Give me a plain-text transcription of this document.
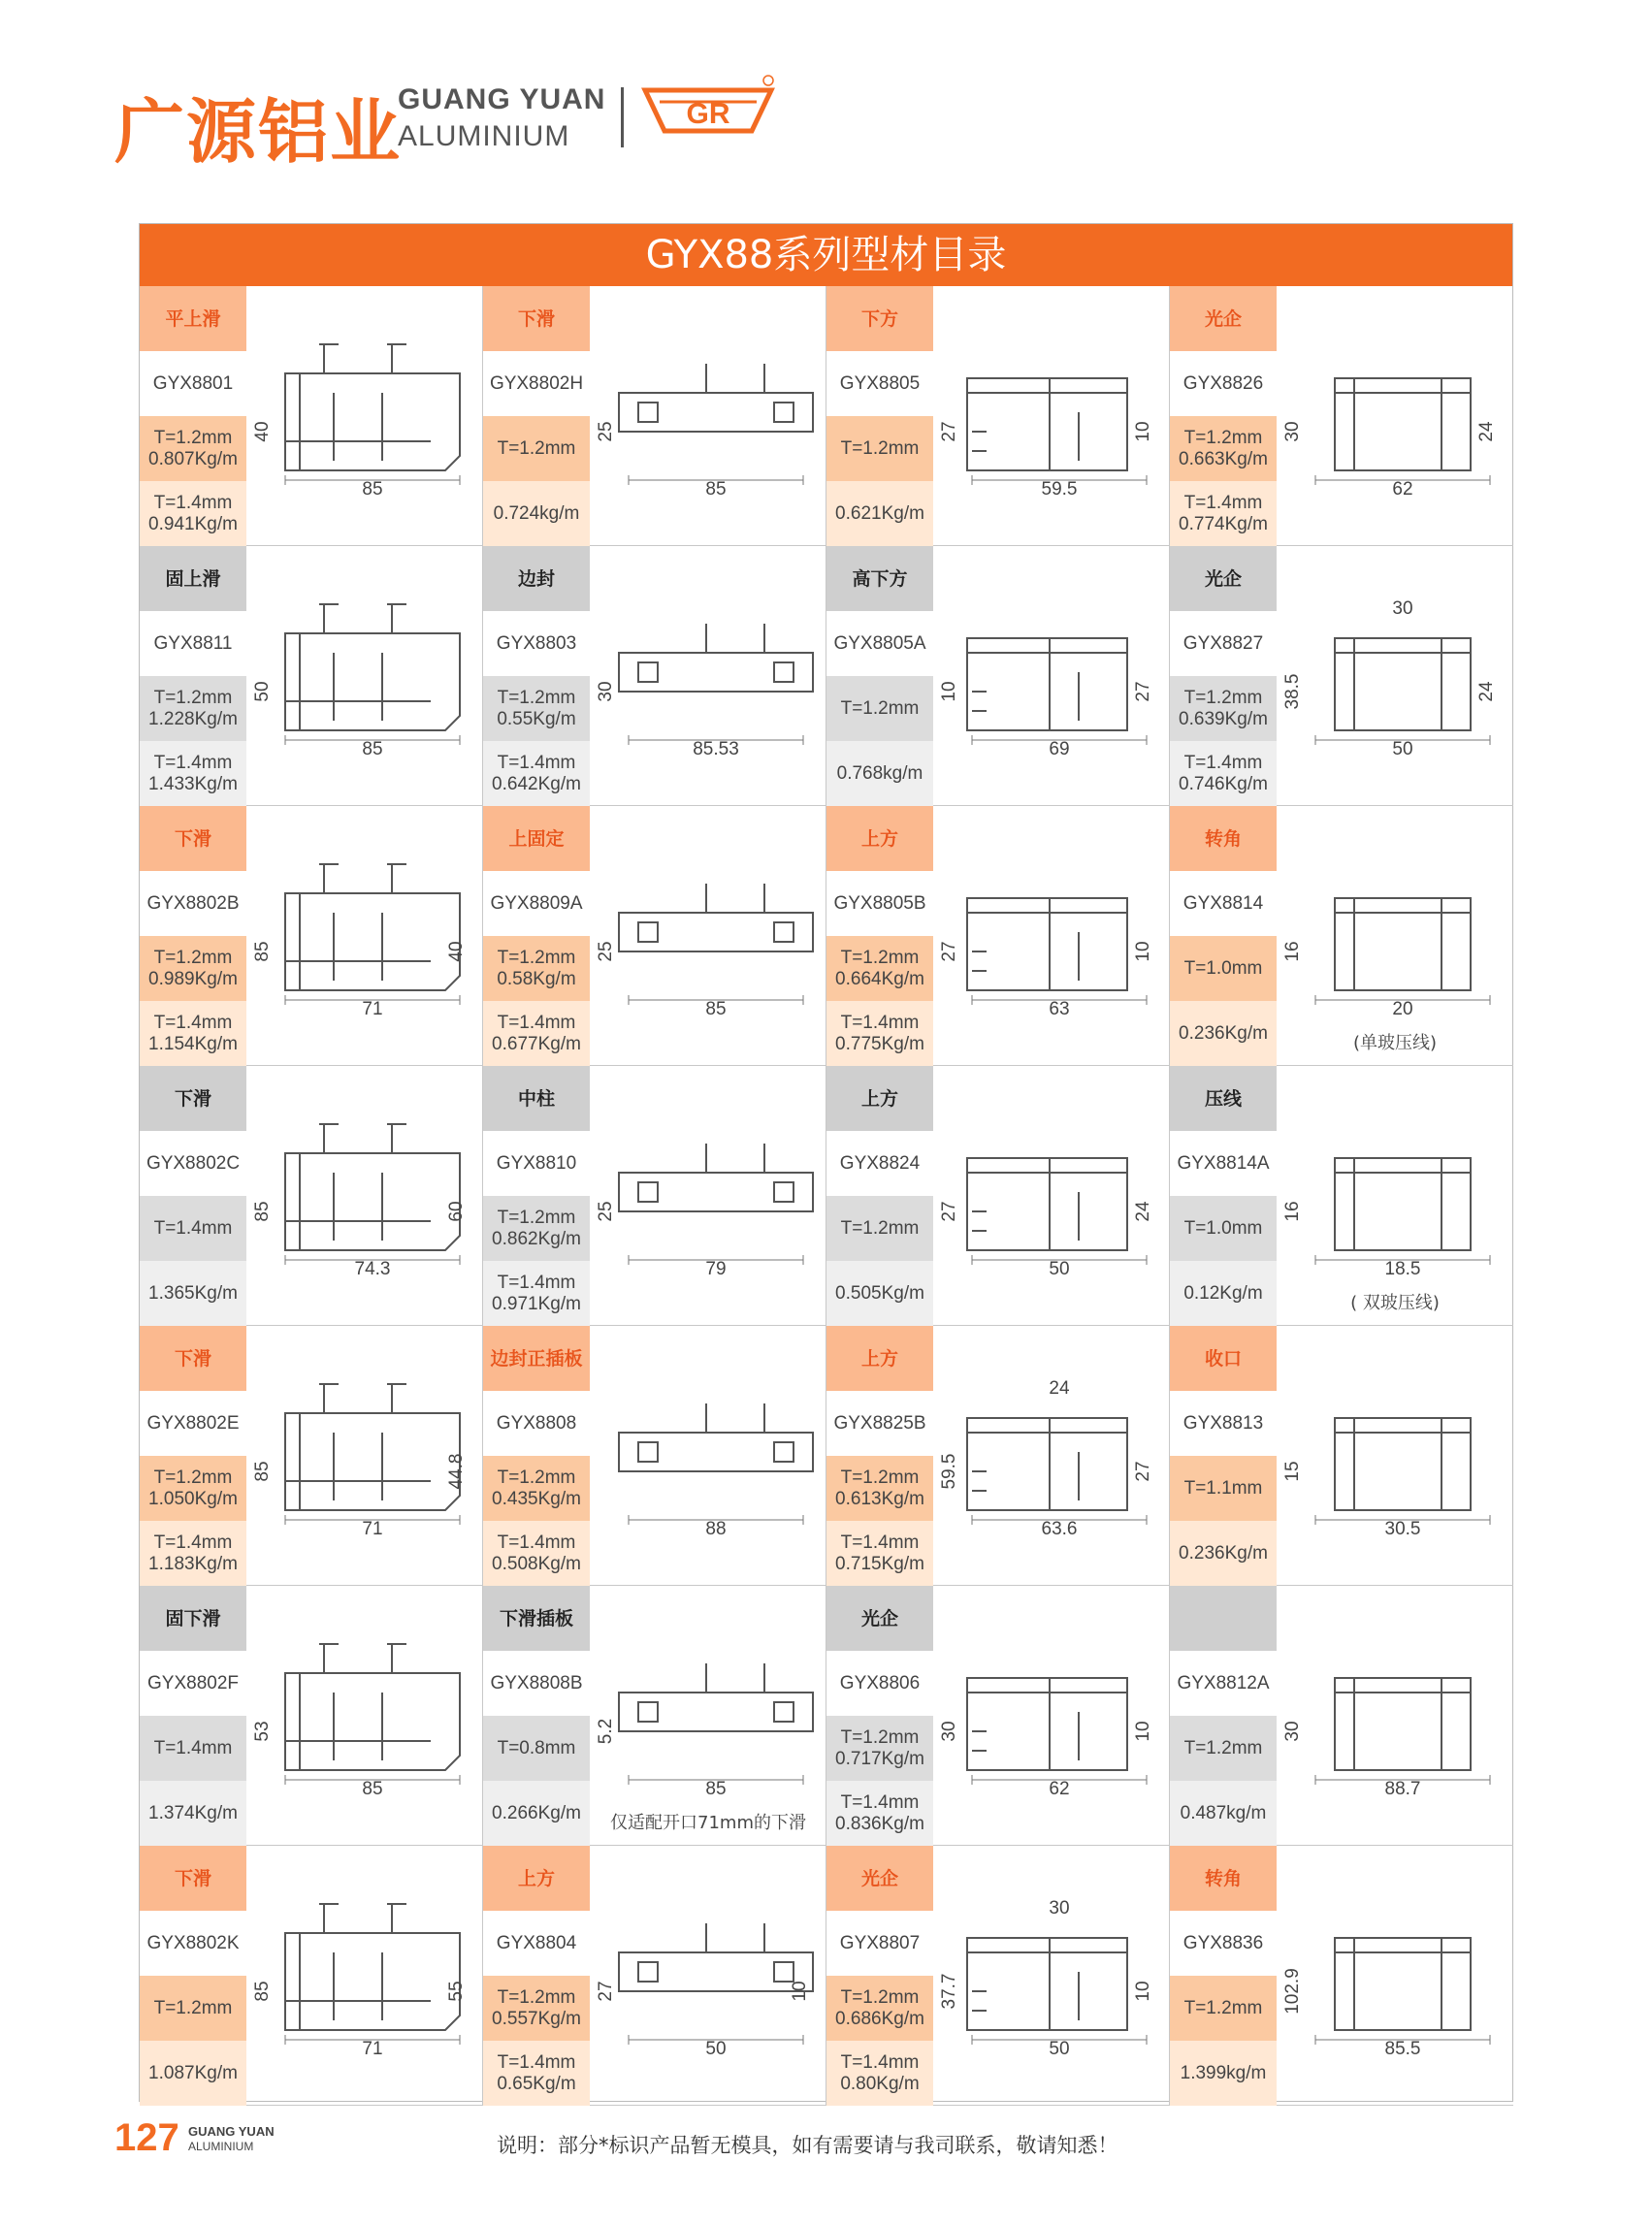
广源铝业
GUANG YUAN
ALUMINIUM
GR
GYX88系列型材目录
平上滑
GYX8801
T=1.2mm
0.807Kg/m
T=1.4mm
0.941Kg/m
85
40
下滑
GYX8802H
T=1.2mm
0.724kg/m
85
25
下方
GYX8805
T=1.2mm
0.621Kg/m
59.5
27	10
光企
GYX8826
T=1.2mm
0.663Kg/m
T=1.4mm
0.774Kg/m
62
30	24
固上滑
GYX8811
T=1.2mm
1.228Kg/m
T=1.4mm
1.433Kg/m
85
50
边封
GYX8803
T=1.2mm
0.55Kg/m
T=1.4mm
0.642Kg/m
85.53
30
高下方
GYX8805A
T=1.2mm
0.768kg/m
69
10	27
光企
GYX8827
T=1.2mm
0.639Kg/m
T=1.4mm
0.746Kg/m
50
38.5	24
30
下滑
GYX8802B
T=1.2mm
0.989Kg/m
T=1.4mm
1.154Kg/m
71
85	40
上固定
GYX8809A
T=1.2mm
0.58Kg/m
T=1.4mm
0.677Kg/m
85
25
上方
GYX8805B
T=1.2mm
0.664Kg/m
T=1.4mm
0.775Kg/m
63
27	10
转角
GYX8814
T=1.0mm
0.236Kg/m
20
16
(单玻压线)
下滑
GYX8802C
T=1.4mm
1.365Kg/m
74.3
85	60
中柱
GYX8810
T=1.2mm
0.862Kg/m
T=1.4mm
0.971Kg/m
79
25
上方
GYX8824
T=1.2mm
0.505Kg/m
50
27	24
压线
GYX8814A
T=1.0mm
0.12Kg/m
18.5
16
( 双玻压线)
下滑
GYX8802E
T=1.2mm
1.050Kg/m
T=1.4mm
1.183Kg/m
71
85	44.8
边封正插板
GYX8808
T=1.2mm
0.435Kg/m
T=1.4mm
0.508Kg/m
88
上方
GYX8825B
T=1.2mm
0.613Kg/m
T=1.4mm
0.715Kg/m
63.6
59.5	27
24
收口
GYX8813
T=1.1mm
0.236Kg/m
30.5
15
固下滑
GYX8802F
T=1.4mm
1.374Kg/m
85
53
下滑插板
GYX8808B
T=0.8mm
0.266Kg/m
85
5.2
仅适配开口71mm的下滑
光企
GYX8806
T=1.2mm
0.717Kg/m
T=1.4mm
0.836Kg/m
62
30	10
GYX8812A
T=1.2mm
0.487kg/m
88.7
30
下滑
GYX8802K
T=1.2mm
1.087Kg/m
71
85	55
上方
GYX8804
T=1.2mm
0.557Kg/m
T=1.4mm
0.65Kg/m
50
27	10
光企
GYX8807
T=1.2mm
0.686Kg/m
T=1.4mm
0.80Kg/m
50
37.7	10
30
转角
GYX8836
T=1.2mm
1.399kg/m
85.5
102.9
127 GUANG YUAN
ALUMINIUM	说明：部分*标识产品暂无模具，如有需要请与我司联系，敬请知悉！
